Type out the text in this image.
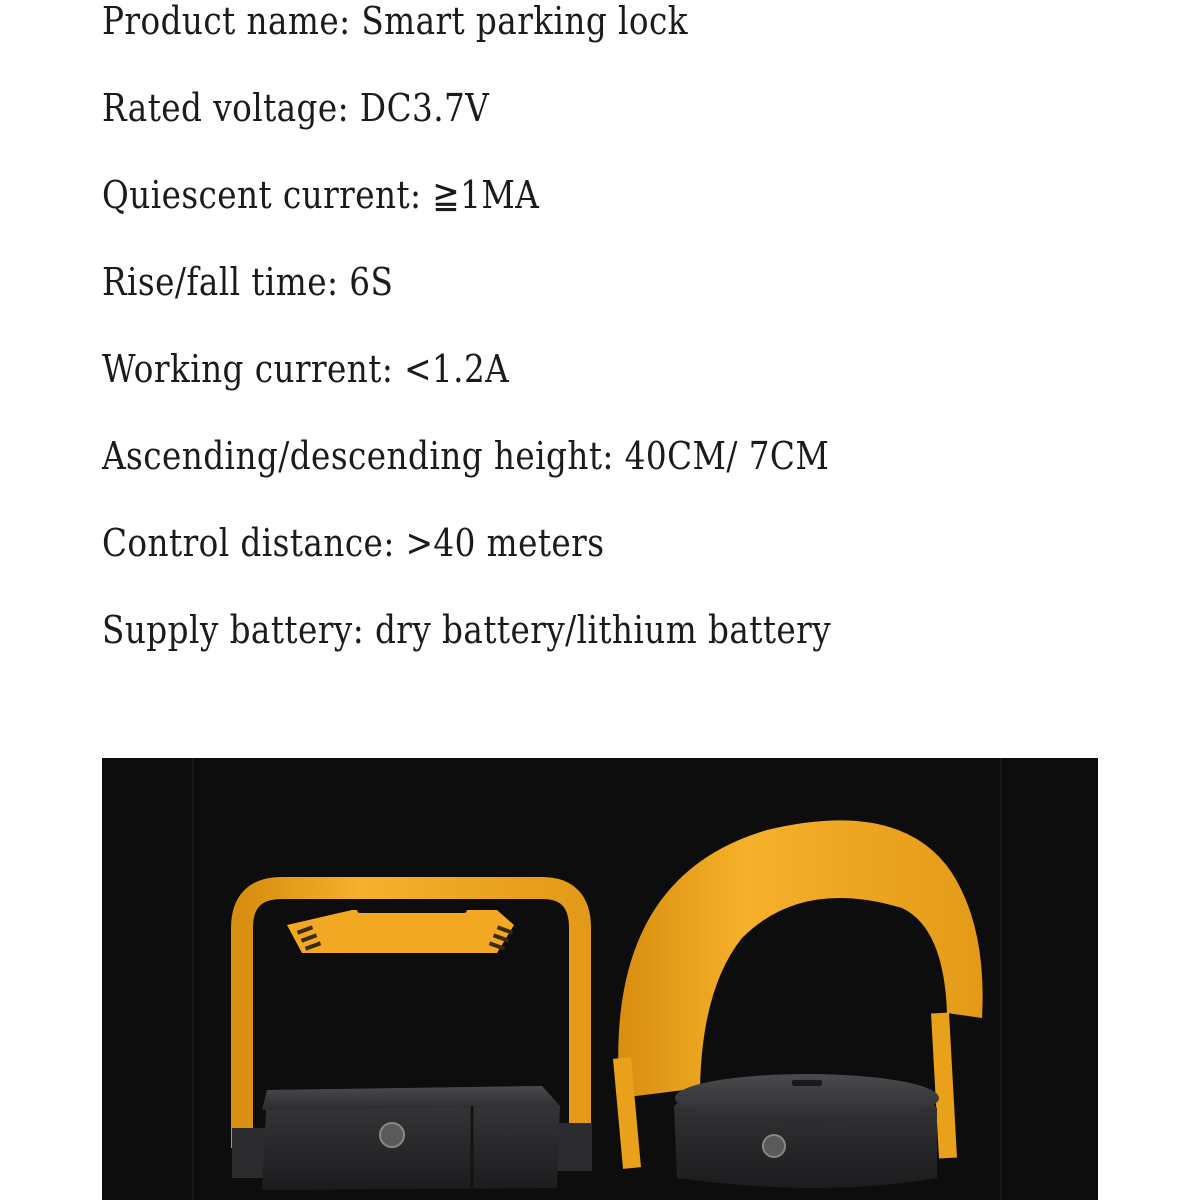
Product name: Smart parking lock
Rated voltage: DC3.7V
Quiescent current: ≧1MA
Rise/fall time: 6S
Working current: <1.2A
Ascending/descending height: 40CM/ 7CM
Control distance: >40 meters
Supply battery: dry battery/lithium battery
